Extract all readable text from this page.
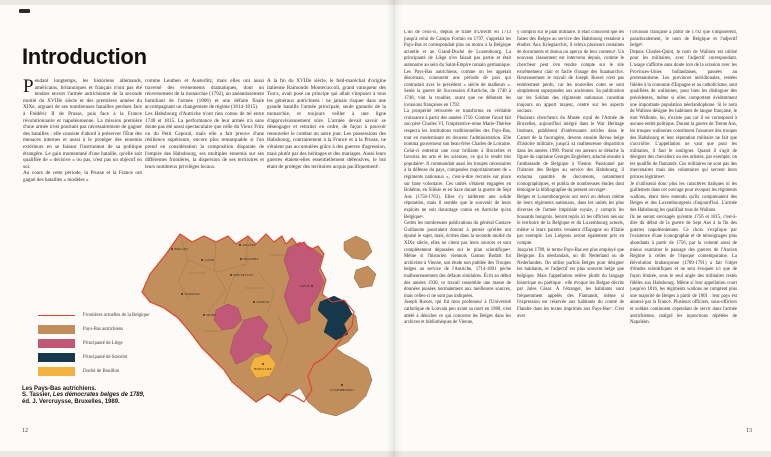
Introduction

Pendant longtemps, les historiens allemands, américains, britanniques et français n'ont pas été tendres envers l'armée autrichienne de la seconde moitié du XVIIIe siècle et des premières années du XIXe, arguant de ses nombreuses batailles perdues face à Frédéric II de Prusse, puis face à la France révolutionnaire et napoléonienne. La mission première d'une armée n'est pourtant pas nécessairement de gagner des batailles : elle consiste d'abord à préserver l'État des menaces internes et aussi à le protéger des ennemis extérieurs en se faisant l'instrument de sa politique étrangère. Le gain momentané d'une bataille, qu'elle soit qualifiée de « décisive » ou pas, n'est pas un objectif en soi.

Au cours de cette période, la Prusse et la France ont gagné des batailles « modèles »

comme Leuthen et Austerlitz, mais elles ont aussi traversé des événements dramatiques, dont un renversement de la monarchie (1792), un anéantissement humiliant de l'armée (1806) et une défaite finale accompagnant un changement de régime (1814-1815).

Les Habsbourg d'Autriche n'ont rien connu de tel entre 1740 et 1815. La performance de leur armée n'a sans doute pas été aussi spectaculaire que celle du Vieux Fritz ou du Petit Caporal, mais elle a fait preuve d'une résilience supérieure, encore plus remarquable si l'on prend en considération la composition disparate de l'empire des Habsbourg, ses multiples ennemis sur ses différentes frontières, la dispersion de ses territoires et leurs nombreux privilèges locaux.

À la fin du XVIIIe siècle, le feld-maréchal d'origine italienne Raimondo Montecuccoli, grand vainqueur des Turcs, avait posé un principe qui allait s'imposer à tous les généraux autrichiens : ne jamais risquer dans une grande bataille l'armée principale, seule garantie de la monarchie, et toujours veiller à une ligne d'approvisionnement sûre. L'armée devait savoir se désengager et retraiter en ordre, de façon à pouvoir renouveler le combat un autre jour. Les possessions des Habsbourg, contrairement à la France et à la Prusse, ne s'étaient pas accumulées grâce à des guerres d'agression, mais plutôt par des héritages et des mariages. Aussi leurs guerres étaient-elles essentiellement défensives, le but étant de protéger des territoires acquis pacifiquement¹.

BRUGES
GAND
ANVERS
MALINES
BRUXELLES
TOURNAI
MONS
NAMUR
LIÈGE
BOUILLON
LUXEMBOURG
LILLE
FLANDRE
BRABANT
HAINAUT
LIMBOURG
Frontières actuelles de la Belgique
Pays-Bas autrichiens
Principauté de Liège
Principauté de Stavelot
Duché de Bouillon
Les Pays-Bas autrichiens.
S. Tassier, Les démocrates belges de 1789,
éd. J. Vercruysse, Bruxelles, 1989.
12

L'un de ceux-ci, depuis le traité d'Utrecht en 1713 jusqu'à celui de Campo Formio en 1797, s'appelait les Pays-Bas et correspondait plus ou moins à la Belgique actuelle et au Grand-Duché de Luxembourg. La principauté de Liège n'en faisait pas partie et était autonome au sein du Saint-Empire romain germanique. Les Pays-Bas autrichiens, comme on les appelait désormais, connurent une période de paix qui contrastait avec le précédent « siècle de malheurs ». Seule la guerre de Succession d'Autriche, de 1740 à 1748, vint la troubler, avant que ne débutent les invasions françaises en 1792.

La prospérité retrouvée se transforma en véritable croissance à partir des années 1750. Comme l'avait fait son père Charles VI, l'impératrice-reine Marie-Thérèse respecta les institutions traditionnelles des Pays-Bas, tout en modernisant en douceur l'administration. Elle nomma gouverneur son beau-frère Charles de Lorraine. Celui-ci entretint une cour brillante à Bruxelles et favorisa les arts et les sciences, ce qui le rendit très populaire². Il commandait aussi les troupes nécessaires à la défense du pays, composées majoritairement de « régiments nationaux », c'est-à-dire recrutés sur place sur base volontaire. Ces unités s'étaient engagées en Bohême, en Silésie et en Saxe durant la guerre de Sept Ans (1756-1763). Elles s'y taillèrent une solide réputation, mais il semble que le souvenir de leurs exploits ne soit davantage connu en Autriche qu'en Belgique³.

Certes les nombreuses publications du général Gustave Guillaume pourraient donner à penser qu'elles ont épuisé le sujet, mais, écrites dans la seconde moitié du XIXe siècle, elles ne citent pas leurs sources et sont complètement dépassées sur le plan scientifique⁴. Même si l'historien viennois Gaston Bodart fut archiviste à Vienne, son étude non publiée des Troupes belges au service de l'Autriche, 1714-1801 pèche malheureusement des défauts similaires. Écrit au début des années 1930, ce travail rassemble une masse de données puisées normalement aux meilleures sources, mais celles-ci ne sont pas indiquées.

Joseph Ruwet, qui fut mon professeur à l'Université catholique de Louvain peu avant sa mort en 1980, s'est attelé à dénicher ce qui concerne les Belges dans les archives et bibliothèques de Vienne,

y compris sur le plan militaire. Il était conscient que les fastes des Belges au service des Habsbourg restaient à étudier. Aux Kriegsarchiv, il releva plusieurs centaines de documents et donna un aperçu de leur contenu⁵. Un nouveau classement est intervenu depuis, comme le chercheur peut s'en rendre compte sur le site extrêmement clair et facile d'usage des Staatsarchiv. Heureusement le travail de Joseph Ruwet n'est pas entièrement perdu, car les nouvelles cotes se sont simplement superposées aux anciennes. Sa publication sur les Soldats des régiments nationaux constitue toujours un apport majeur, centré sur les aspects sociaux.

Plusieurs chercheurs du Musée royal de l'Armée de Bruxelles, aujourd'hui intégré dans le War Heritage Institute, publièrent d'intéressants articles dans le Carnet de la fourragère, devenu ensuite Revue belge d'histoire militaire, jusqu'à sa malheureuse disparition dans les années 1990. Parmi ces auteurs se détache la figure du capitaine Georges Englebert, attaché ensuite à l'ambassade de Belgique à Vienne. Passionné par l'histoire des Belges au service des Habsbourg, il exhuma quantité de documents, notamment iconographiques, et publia de nombreuses études dont témoigne la bibliographie du présent ouvrage⁶.

Belges et Luxembourgeois ont servi en dehors même de leurs régiments nationaux, dans les unités les plus diverses de l'armée impériale royale, y compris les housards hongrois. Seront repris ici les officiers nés sur le territoire de la Belgique et du Luxembourg actuels, même si leurs parents venaient d'Espagne ou d'Italie par exemple. Les Liégeois seront également pris en compte.

Jusqu'en 1789, le terme Pays-Bas est plus employé que Belgique. En néerlandais, on dit Nederland ou de Nederlanden. On utilise parfois Belges pour désigner les habitants, et l'adjectif est plus souvent belge que belgique. Mais l'appellation relève plutôt du langage historique ou poétique : elle évoque les Belgae décrits par Jules César. À l'étranger, les habitants sont fréquemment appelés des Flamands, même si l'expression est réservée aux habitants du comté de Flandre dans les textes imprimés aux Pays-Bas⁷. C'est avec

l'invasion française à partir de 1792 que s'imposèrent, paradoxalement, le nom de Belgique et l'adjectif belge⁸.

Depuis Charles-Quint, le nom de Wallons est utilisé pour les militaires, avec l'adjectif correspondant. L'usage s'affirme sans doute lors de la scission avec les Provinces-Unies hollandaises, passées au protestantisme. Les provinces méridionales, restées fidèles à la couronne d'Espagne et au catholicisme, sont qualifiées de wallonnes, pour bien les distinguer des précédentes, même si elles comportent évidemment une importante population néerlandophone. Si le nom de Wallons désigne les habitants de langue française, le mot Wallonie, lui, n'existe pas car il ne correspond à aucune entité politique. Durant la guerre de Trente Ans, les troupes wallonnes constituent l'ossature des troupes des Habsbourg et leur réputation militaire ne fait que s'accroître. L'appellation ne vaut que pour les militaires, il faut le souligner. Quand il s'agit de désigner des chevaliers ou des artistes, par exemple, on les qualifie de flamands. Ces militaires ne sont pas des mercenaires mais des volontaires qui servent leurs princes légitimes⁹.

Je n'utiliserai donc plus les caractères italiques ni les guillemets dans cet ouvrage pour évoquer les régiments wallons, étant bien entendu qu'ils comprenaient des Belges et des Luxembourgeois d'aujourd'hui. L'armée des Habsbourg les qualifiait tous de Wallons.

Ils ne seront envisagés qu'entre 1756 et 1815, c'est-à-dire du début de la guerre de Sept Ans à la fin des guerres napoléoniennes. Ce choix s'explique par l'existence d'une iconographie et de témoignages plus abondants à partir de 1756, par la volonté aussi de mieux examiner le passage des guerres de l'Ancien Régime à celles de l'époque contemporaine. La Révolution brabançonne (1789-1791) a fait l'objet d'études scientifiques et ne sera évoquée ici que de façon limitée, sous le seul angle des militaires restés fidèles aux Habsbourg. Même si leur appellation court jusqu'en 1816, les régiments wallons ne comptent plus une majorité de Belges à partir de 1801 : leur pays est annexé par la France. Plusieurs officiers, sous-officiers et soldats continuent cependant de servir dans l'armée autrichienne, malgré les injonctions répétées de Napoléon.

13
